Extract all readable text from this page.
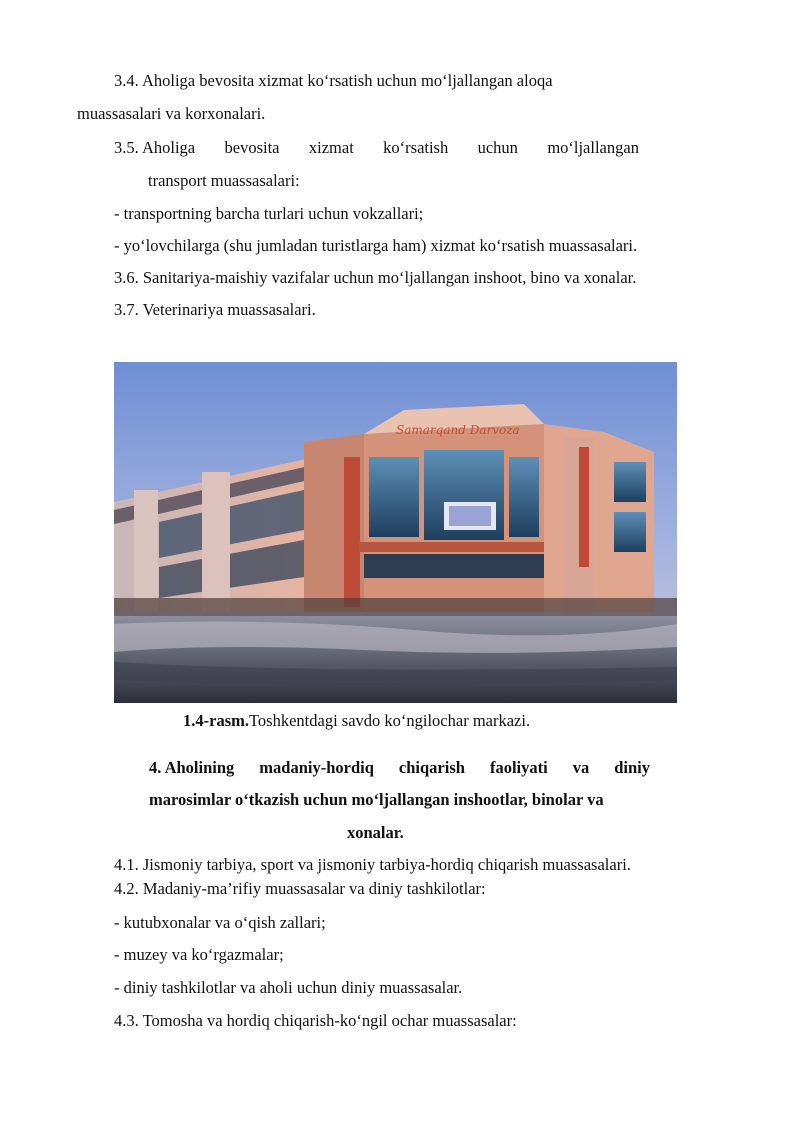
3.4. Aholiga bevosita xizmat ko‘rsatish uchun mo‘ljallangan aloqa
muassasalari va korxonalari.
3.5. Aholiga bevosita xizmat ko‘rsatish uchun mo‘ljallangan
transport muassasalari:
- transportning barcha turlari uchun vokzallari;
- yo‘lovchilarga (shu jumladan turistlarga ham) xizmat ko‘rsatish muassasalari.
3.6. Sanitariya-maishiy vazifalar uchun mo‘ljallangan inshoot, bino va xonalar.
3.7. Veterinariya muassasalari.
Samarqand Darvoza
1.4-rasm.Toshkentdagi savdo ko‘ngilochar markazi.
4. Aholining madaniy-hordiq chiqarish faoliyati va diniy
marosimlar o‘tkazish uchun mo‘ljallangan inshootlar, binolar va
xonalar.
4.1. Jismoniy tarbiya, sport va jismoniy tarbiya-hordiq chiqarish muassasalari.
4.2. Madaniy-ma’rifiy muassasalar va diniy tashkilotlar:
- kutubxonalar va o‘qish zallari;
- muzey va ko‘rgazmalar;
- diniy tashkilotlar va aholi uchun diniy muassasalar.
4.3. Tomosha va hordiq chiqarish-ko‘ngil ochar muassasalar:
